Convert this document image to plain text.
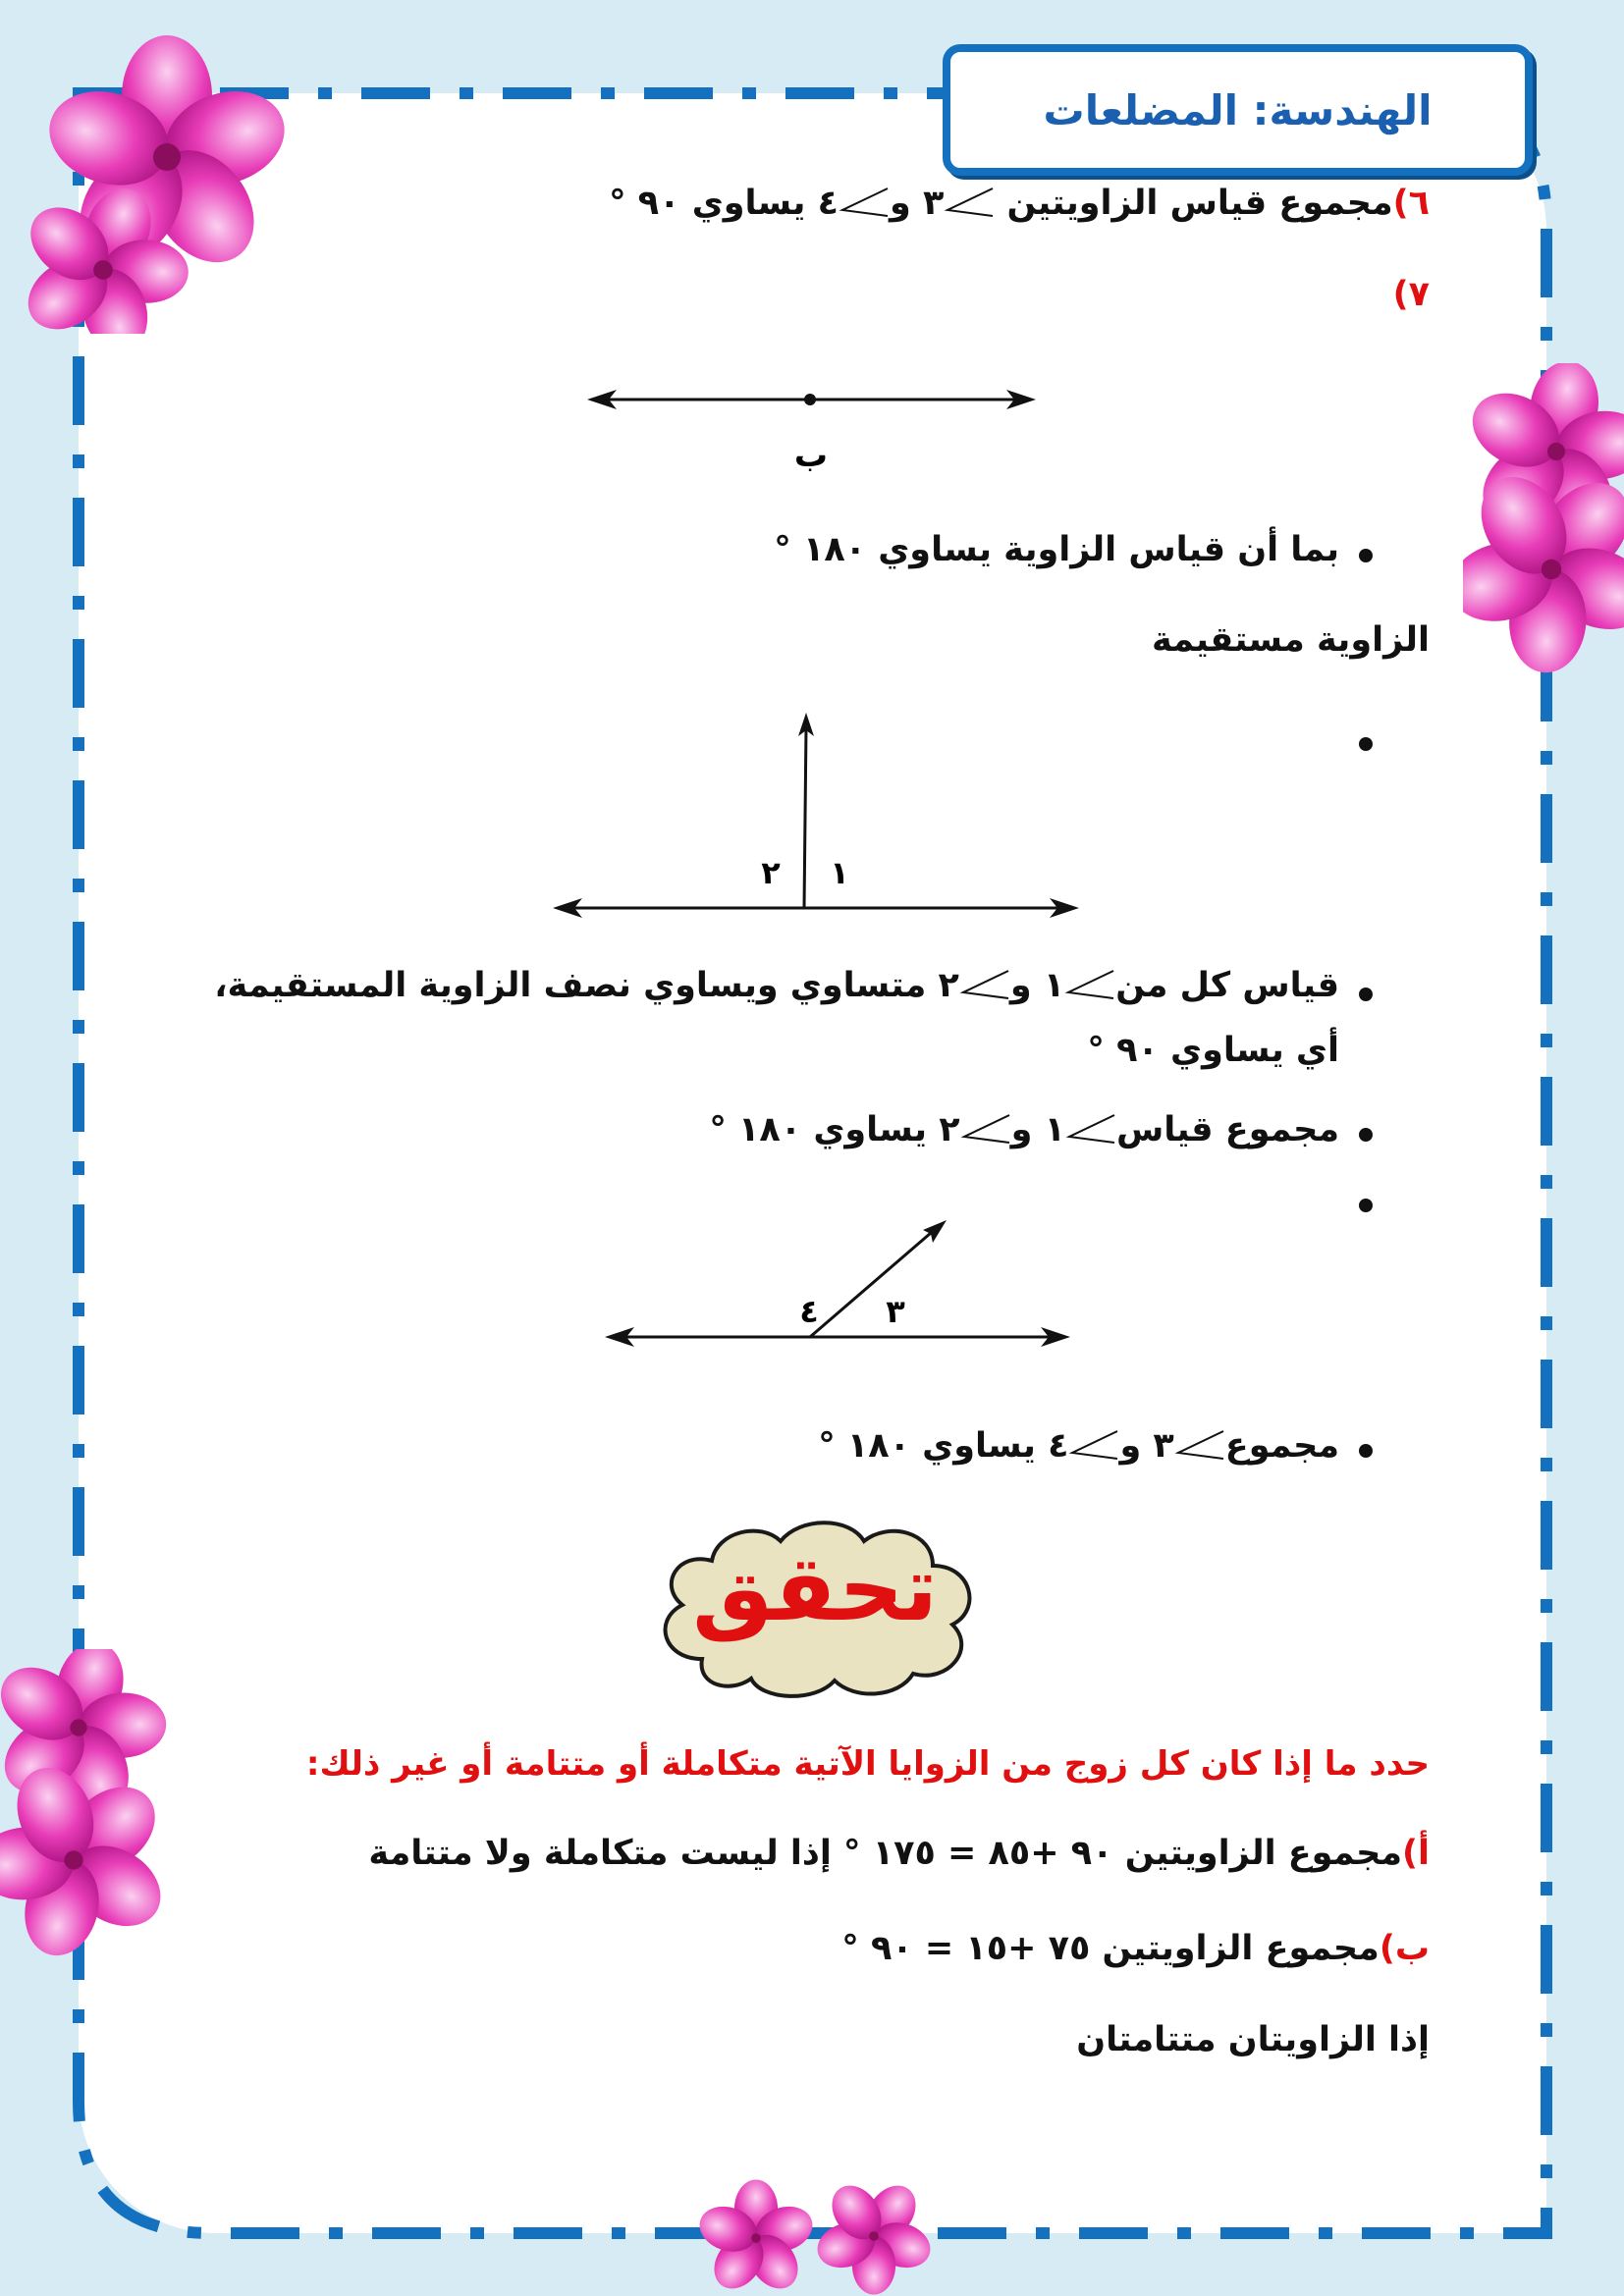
الهندسة: المضلعات
٦)مجموع قياس الزاويتين ٣ و٤ يساوي ٩٠ °
٧)
ب
بما أن قياس الزاوية يساوي ١٨٠ °
الزاوية مستقيمة
١
٢
قياس كل من١ و٢ متساوي ويساوي نصف الزاوية المستقيمة،
أي يساوي ٩٠ °
مجموع قياس١ و٢ يساوي ١٨٠ °
٣
٤
مجموع٣ و٤ يساوي ١٨٠ °
تحقق
حدد ما إذا كان كل زوج من الزوايا الآتية متكاملة أو متتامة أو غير ذلك:
أ)مجموع الزاويتين ٩٠ +٨٥ = ١٧٥ ° إذا ليست متكاملة ولا متتامة
ب)مجموع الزاويتين ٧٥ +١٥ = ٩٠ °
إذا الزاويتان متتامتان
